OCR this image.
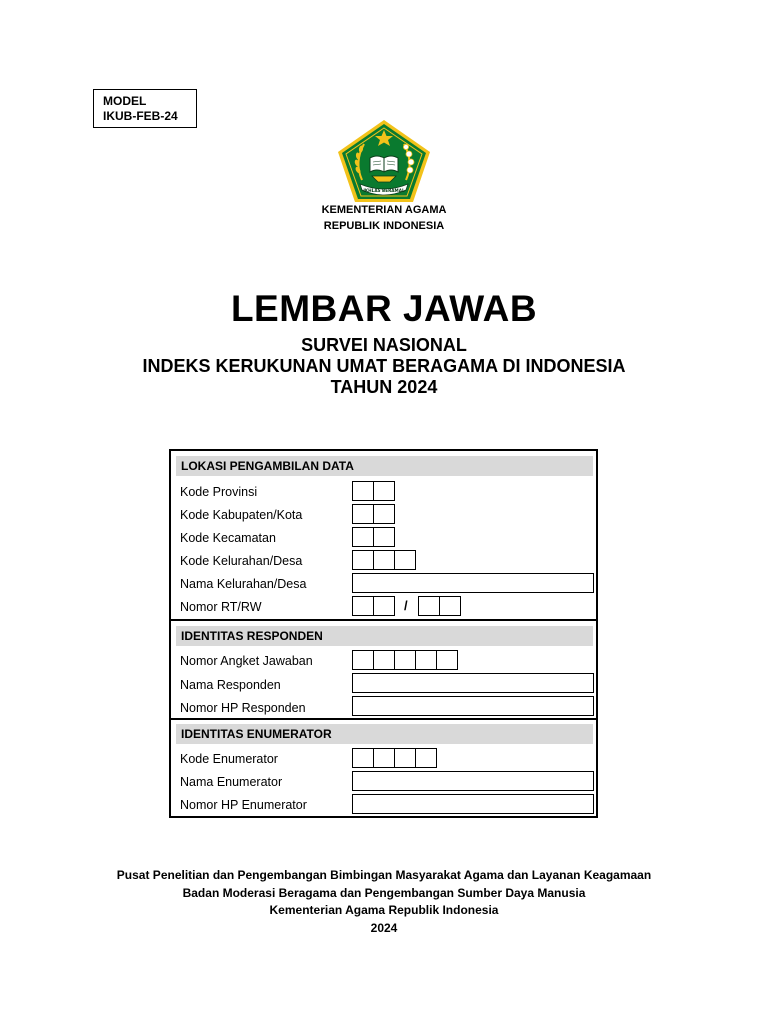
MODEL
IKUB-FEB-24
IKHLAS BERAMAL
KEMENTERIAN AGAMA
REPUBLIK INDONESIA
LEMBAR JAWAB
SURVEI NASIONAL
INDEKS KERUKUNAN UMAT BERAGAMA DI INDONESIA
TAHUN 2024
LOKASI PENGAMBILAN DATA
Kode Provinsi
Kode Kabupaten/Kota
Kode Kecamatan
Kode Kelurahan/Desa
Nama Kelurahan/Desa
Nomor RT/RW	/
IDENTITAS RESPONDEN
Nomor Angket Jawaban
Nama Responden
Nomor HP Responden
IDENTITAS ENUMERATOR
Kode Enumerator
Nama Enumerator
Nomor HP Enumerator
Pusat Penelitian dan Pengembangan Bimbingan Masyarakat Agama dan Layanan Keagamaan
Badan Moderasi Beragama dan Pengembangan Sumber Daya Manusia
Kementerian Agama Republik Indonesia
2024
